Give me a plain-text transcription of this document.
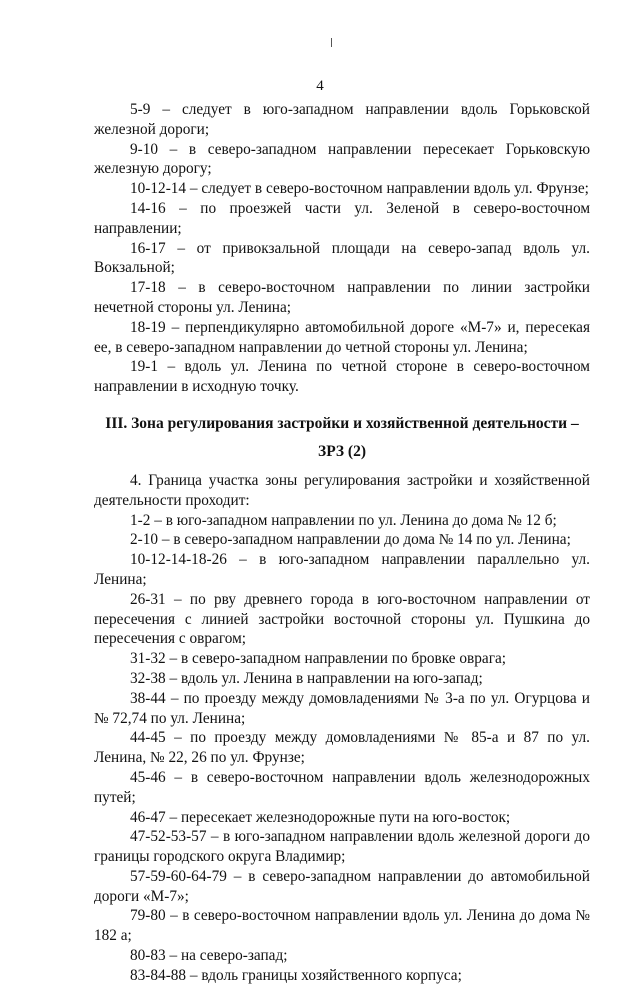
4

5-9 – следует в юго-западном направлении вдоль Горьковской железной дороги;

9-10 – в северо-западном направлении пересекает Горьковскую железную дорогу;

10-12-14 – следует в северо-восточном направлении вдоль ул. Фрунзе;

14-16 – по проезжей части ул. Зеленой в северо-восточном направлении;

16-17 – от привокзальной площади на северо-запад вдоль ул. Вокзальной;

17-18 – в северо-восточном направлении по линии застройки нечетной стороны ул. Ленина;

18-19 – перпендикулярно автомобильной дороге «М-7» и, пересекая ее, в северо-западном направлении до четной стороны ул. Ленина;

19-1 – вдоль ул. Ленина по четной стороне в северо-восточном направлении в исходную точку.

III. Зона регулирования застройки и хозяйственной деятельности –

ЗРЗ (2)

4. Граница участка зоны регулирования застройки и хозяйственной деятельности проходит:

1-2 – в юго-западном направлении по ул. Ленина до дома № 12 б;

2-10 – в северо-западном направлении до дома № 14 по ул. Ленина;

10-12-14-18-26 – в юго-западном направлении параллельно ул. Ленина;

26-31 – по рву древнего города в юго-восточном направлении от пересечения с линией застройки восточной стороны ул. Пушкина до пересечения с оврагом;

31-32 – в северо-западном направлении по бровке оврага;

32-38 – вдоль ул. Ленина в направлении на юго-запад;

38-44 – по проезду между домовладениями № 3-а по ул. Огурцова и № 72,74 по ул. Ленина;

44-45 – по проезду между домовладениями № 85-а и 87 по ул. Ленина, № 22, 26 по ул. Фрунзе;

45-46 – в северо-восточном направлении вдоль железнодорожных путей;

46-47 – пересекает железнодорожные пути на юго-восток;

47-52-53-57 – в юго-западном направлении вдоль железной дороги до границы городского округа Владимир;

57-59-60-64-79 – в северо-западном направлении до автомобильной дороги «М-7»;

79-80 – в северо-восточном направлении вдоль ул. Ленина до дома № 182 а;

80-83 – на северо-запад;

83-84-88 – вдоль границы хозяйственного корпуса;
